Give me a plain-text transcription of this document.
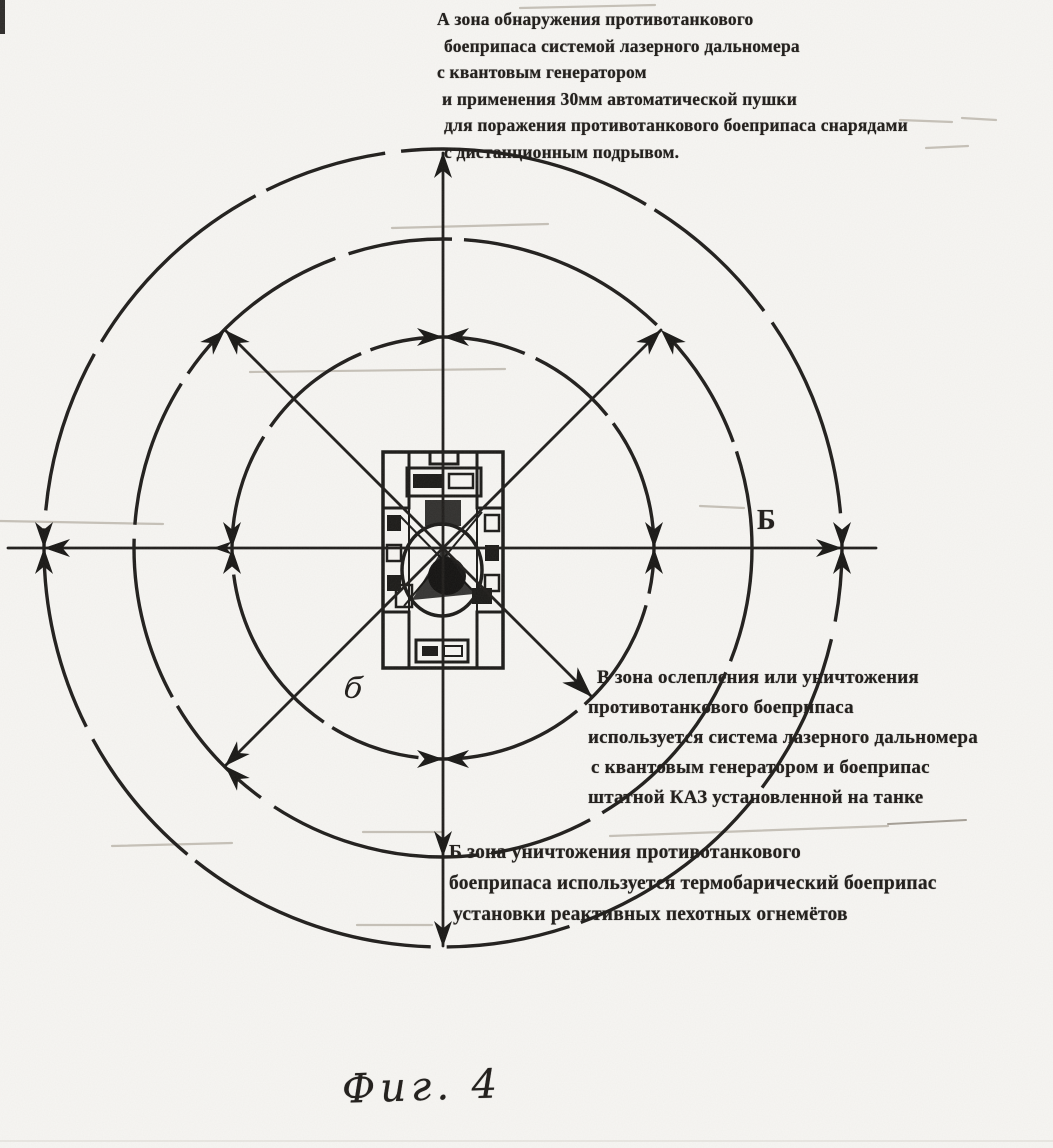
А зона обнаружения противотанкового
боеприпаса системой лазерного дальномера
с квантовым генератором
и применения 30мм автоматической пушки
для поражения противотанкового боеприпаса снарядами
с дистанционным подрывом.
В зона ослепления или уничтожения
противотанкового боеприпаса
используется система лазерного дальномера
с квантовым генератором и боеприпас
штатной КАЗ установленной на танке
Б зона уничтожения противотанкового
боеприпаса используется термобарический боеприпас
установки реактивных пехотных огнемётов
Б
б
Фиг. 4
